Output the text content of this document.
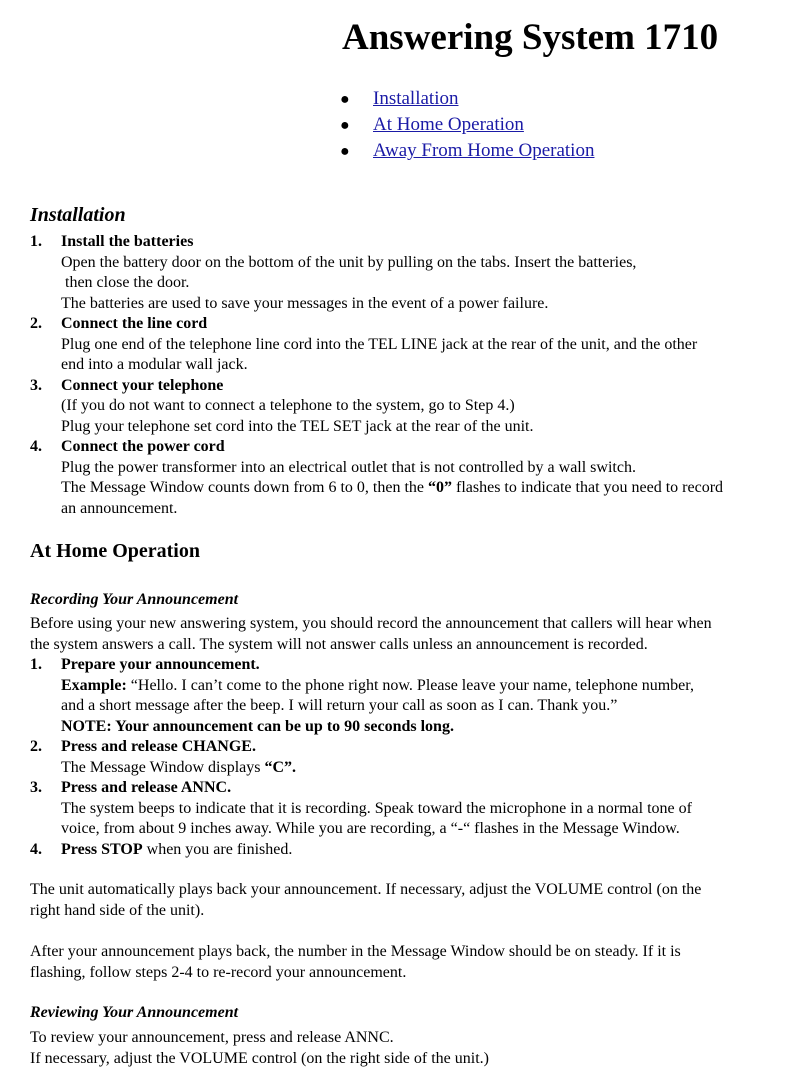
Answering System 1710
● Installation
● At Home Operation
● Away From Home Operation
Installation
1. Install the batteries
Open the battery door on the bottom of the unit by pulling on the tabs. Insert the batteries,
then close the door.
The batteries are used to save your messages in the event of a power failure.
2. Connect the line cord
Plug one end of the telephone line cord into the TEL LINE jack at the rear of the unit, and the other
end into a modular wall jack.
3. Connect your telephone
(If you do not want to connect a telephone to the system, go to Step 4.)
Plug your telephone set cord into the TEL SET jack at the rear of the unit.
4. Connect the power cord
Plug the power transformer into an electrical outlet that is not controlled by a wall switch.
The Message Window counts down from 6 to 0, then the “0” flashes to indicate that you need to record
an announcement.
At Home Operation
Recording Your Announcement

Before using your new answering system, you should record the announcement that callers will hear when
the system answers a call. The system will not answer calls unless an announcement is recorded.

1. Prepare your announcement.
Example: “Hello. I can’t come to the phone right now. Please leave your name, telephone number,
and a short message after the beep. I will return your call as soon as I can. Thank you.”
NOTE: Your announcement can be up to 90 seconds long.
2. Press and release CHANGE.
The Message Window displays “C”.
3. Press and release ANNC.
The system beeps to indicate that it is recording. Speak toward the microphone in a normal tone of
voice, from about 9 inches away. While you are recording, a “-“ flashes in the Message Window.
4. Press STOP when you are finished.

The unit automatically plays back your announcement. If necessary, adjust the VOLUME control (on the
right hand side of the unit).

After your announcement plays back, the number in the Message Window should be on steady. If it is
flashing, follow steps 2-4 to re-record your announcement.

Reviewing Your Announcement

To review your announcement, press and release ANNC.
If necessary, adjust the VOLUME control (on the right side of the unit.)
